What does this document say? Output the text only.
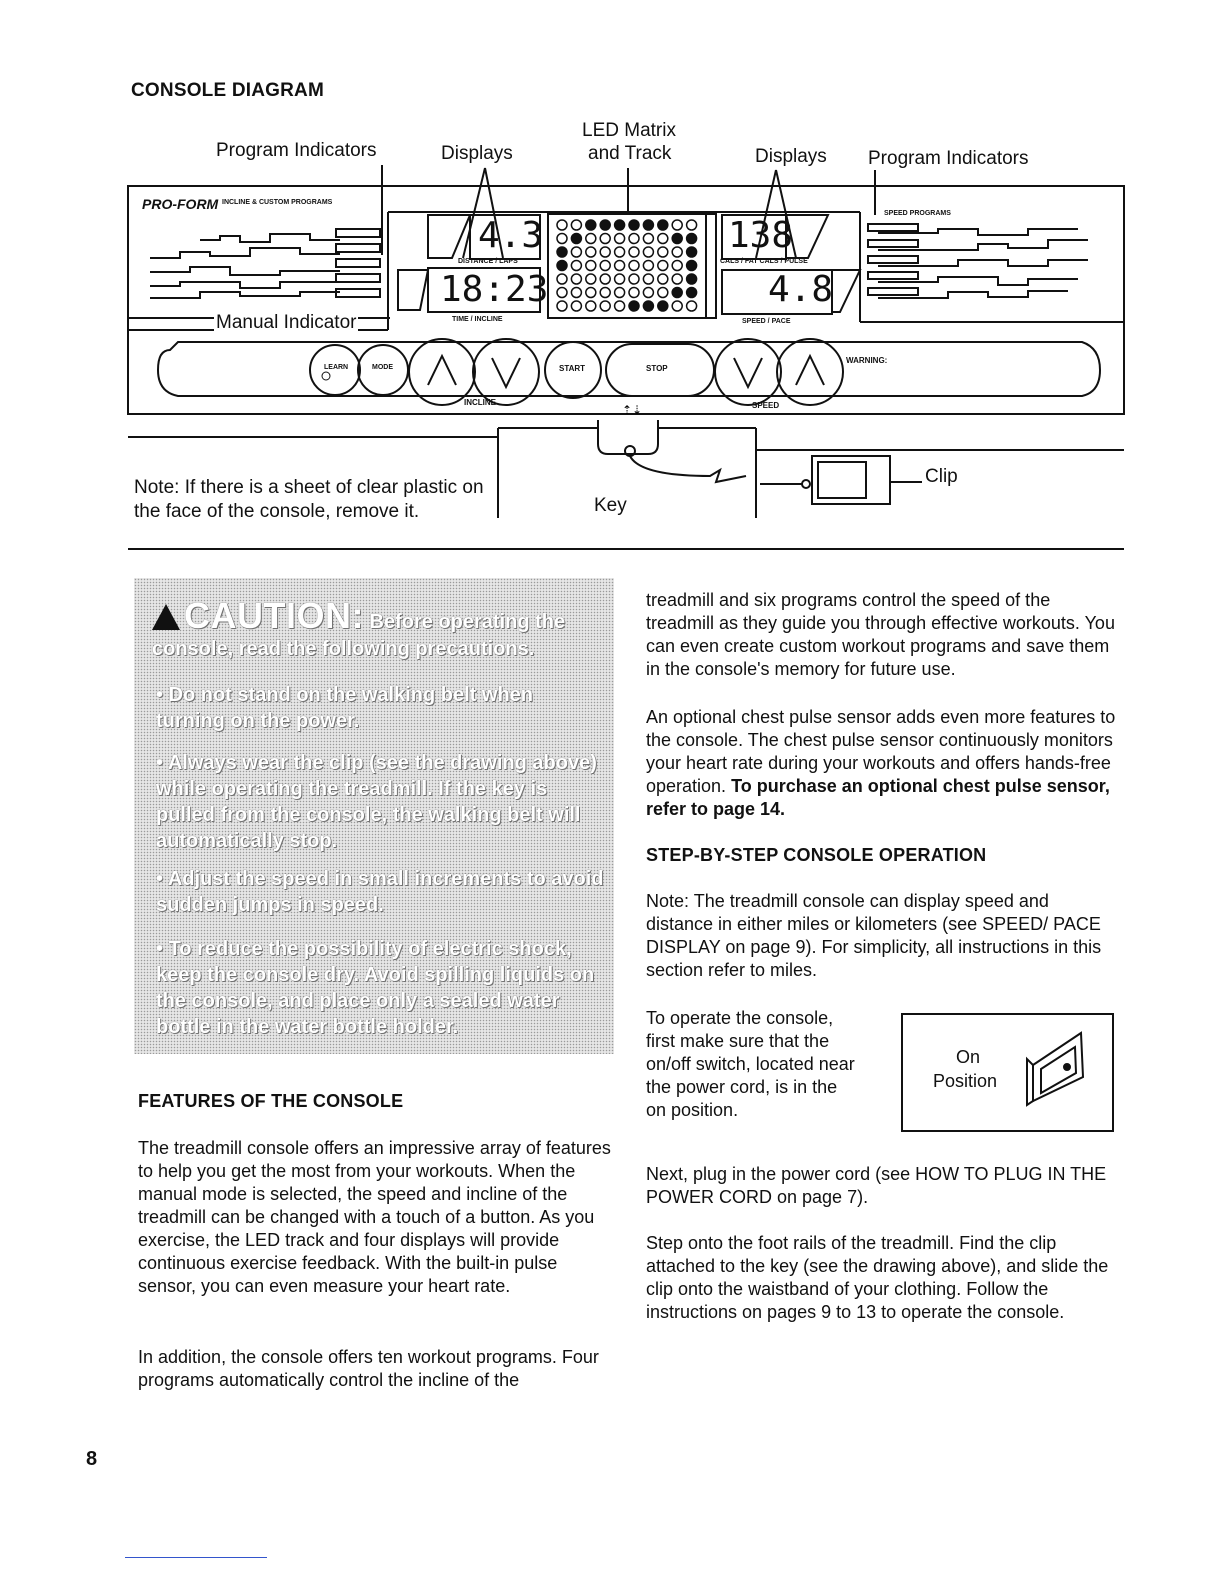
CONSOLE DIAGRAM
Program Indicators	Displays
LED Matrix
and Track	Displays Program Indicators
⇡⇣
PRO-FORM INCLINE & CUSTOM PROGRAMS
SPEED PROGRAMS
4.3
18:23
138
4.8
DISTANCE / LAPS
TIME / INCLINE
CALS / FAT CALS / PULSE
SPEED / PACE
LEARN	MODE	START	STOP
INCLINE	SPEED
WARNING:
Manual Indicator
Note: If there is a sheet of clear plastic on the face of the console, remove it.	Key
Clip
CAUTION: Before operating the console, read the following precautions.
• Do not stand on the walking belt when turning on the power.
• Always wear the clip (see the drawing above) while operating the treadmill. If the key is pulled from the console, the walking belt will automatically stop.
• Adjust the speed in small increments to avoid sudden jumps in speed.
• To reduce the possibility of electric shock, keep the console dry. Avoid spilling liquids on the console, and place only a sealed water bottle in the water bottle holder.
FEATURES OF THE CONSOLE
The treadmill console offers an impressive array of features to help you get the most from your workouts. When the manual mode is selected, the speed and incline of the treadmill can be changed with a touch of a button. As you exercise, the LED track and four displays will provide continuous exercise feedback. With the built-in pulse sensor, you can even measure your heart rate.
In addition, the console offers ten workout programs. Four programs automatically control the incline of the
treadmill and six programs control the speed of the treadmill as they guide you through effective workouts. You can even create custom workout programs and save them in the console's memory for future use.
An optional chest pulse sensor adds even more features to the console. The chest pulse sensor continuously monitors your heart rate during your workouts and offers hands-free operation. To purchase an optional chest pulse sensor, refer to page 14.
STEP-BY-STEP CONSOLE OPERATION
Note: The treadmill console can display speed and distance in either miles or kilometers (see SPEED/ PACE DISPLAY on page 9). For simplicity, all instructions in this section refer to miles.
To operate the console, first make sure that the on/off switch, located near the power cord, is in the on position.
On
Position
Next, plug in the power cord (see HOW TO PLUG IN THE POWER CORD on page 7).
Step onto the foot rails of the treadmill. Find the clip attached to the key (see the drawing above), and slide the clip onto the waistband of your clothing. Follow the instructions on pages 9 to 13 to operate the console.
8
